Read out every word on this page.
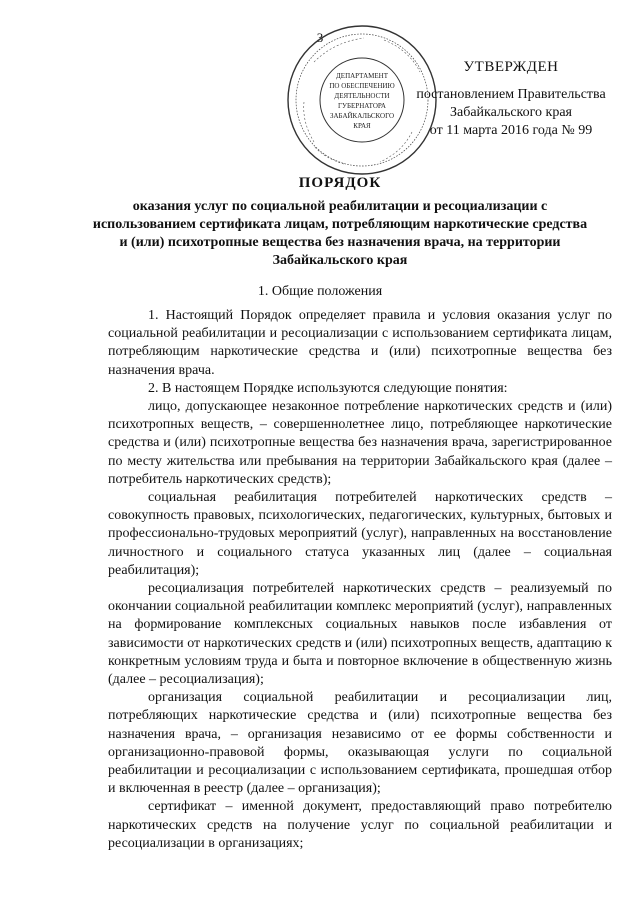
3
ДЕПАРТАМЕНТ
ПО ОБЕСПЕЧЕНИЮ
ДЕЯТЕЛЬНОСТИ
ГУБЕРНАТОРА
ЗАБАЙКАЛЬСКОГО
КРАЯ
УТВЕРЖДЕН
постановлением Правительства
Забайкальского края
от 11 марта 2016 года № 99
ПОРЯДОК
оказания услуг по социальной реабилитации и ресоциализации с использованием сертификата лицам, потребляющим наркотические средства и (или) психотропные вещества без назначения врача, на территории Забайкальского края
1. Общие положения

1. Настоящий Порядок определяет правила и условия оказания услуг по социальной реабилитации и ресоциализации с использованием сертификата лицам, потребляющим наркотические средства и (или) психотропные вещества без назначения врача.

2. В настоящем Порядке используются следующие понятия:

лицо, допускающее незаконное потребление наркотических средств и (или) психотропных веществ, – совершеннолетнее лицо, потребляющее наркотические средства и (или) психотропные вещества без назначения врача, зарегистрированное по месту жительства или пребывания на территории Забайкальского края (далее – потребитель наркотических средств);

социальная реабилитация потребителей наркотических средств – совокупность правовых, психологических, педагогических, культурных, бытовых и профессионально-трудовых мероприятий (услуг), направленных на восстановление личностного и социального статуса указанных лиц (далее – социальная реабилитация);

ресоциализация потребителей наркотических средств – реализуемый по окончании социальной реабилитации комплекс мероприятий (услуг), направленных на формирование комплексных социальных навыков после избавления от зависимости от наркотических средств и (или) психотропных веществ, адаптацию к конкретным условиям труда и быта и повторное включение в общественную жизнь (далее – ресоциализация);

организация социальной реабилитации и ресоциализации лиц, потребляющих наркотические средства и (или) психотропные вещества без назначения врача, – организация независимо от ее формы собственности и организационно-правовой формы, оказывающая услуги по социальной реабилитации и ресоциализации с использованием сертификата, прошедшая отбор и включенная в реестр (далее – организация);

сертификат – именной документ, предоставляющий право потребителю наркотических средств на получение услуг по социальной реабилитации и ресоциализации в организациях;
